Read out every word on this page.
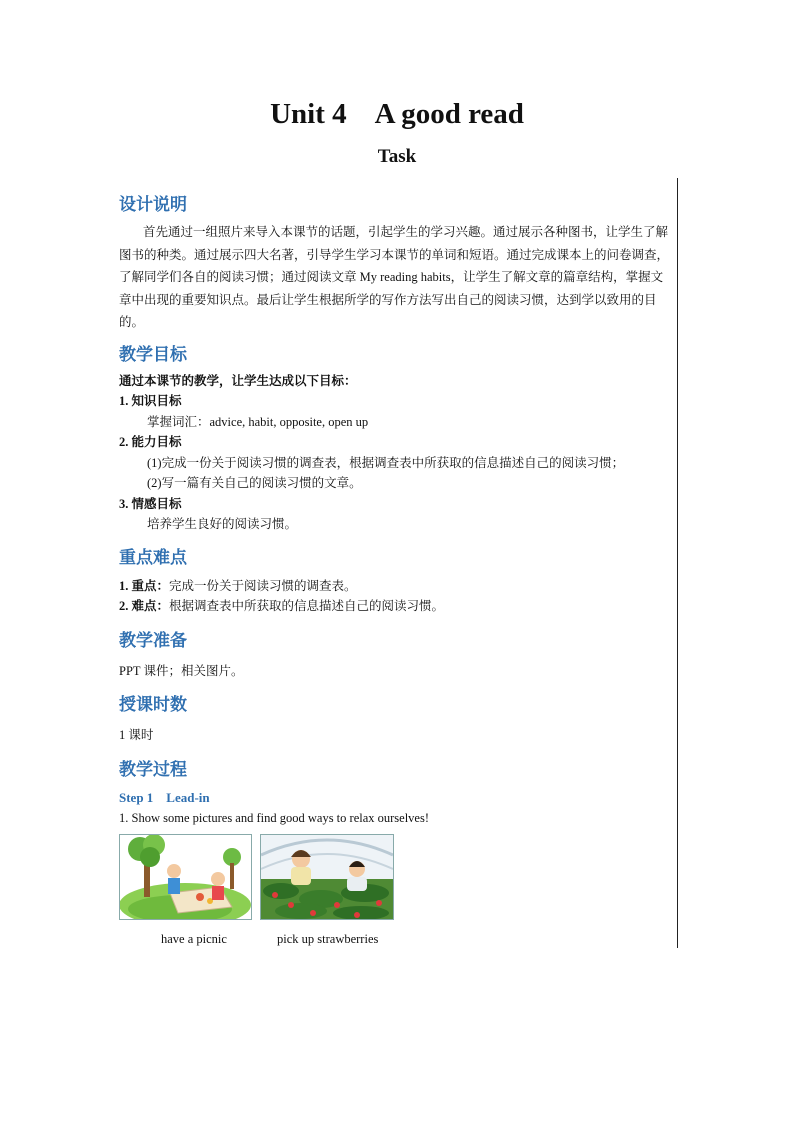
Unit 4 A good read
Task

设计说明

首先通过一组照片来导入本课节的话题，引起学生的学习兴趣。通过展示各种图书，让学生了解图书的种类。通过展示四大名著，引导学生学习本课节的单词和短语。通过完成课本上的问卷调查，了解同学们各自的阅读习惯；通过阅读文章 My reading habits，让学生了解文章的篇章结构，掌握文章中出现的重要知识点。最后让学生根据所学的写作方法写出自己的阅读习惯，达到学以致用的目的。

教学目标

通过本课节的教学，让学生达成以下目标：

1. 知识目标

掌握词汇：advice, habit, opposite, open up

2. 能力目标

(1)完成一份关于阅读习惯的调查表，根据调查表中所获取的信息描述自己的阅读习惯；

(2)写一篇有关自己的阅读习惯的文章。

3. 情感目标

培养学生良好的阅读习惯。

重点难点

1. 重点：完成一份关于阅读习惯的调查表。

2. 难点：根据调查表中所获取的信息描述自己的阅读习惯。

教学准备

PPT 课件；相关图片。

授课时数

1 课时

教学过程

Step 1    Lead-in

1. Show some pictures and find good ways to relax ourselves!

have a picnic	pick up strawberries
